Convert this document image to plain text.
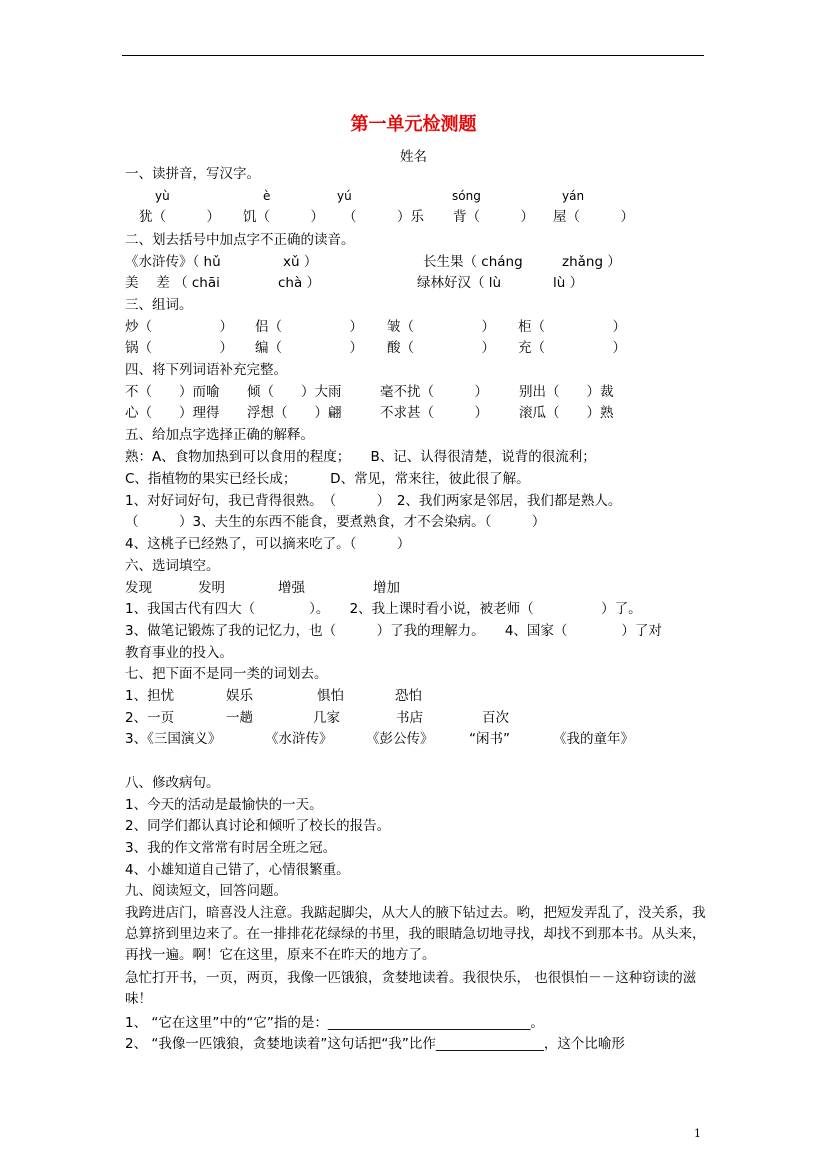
第一单元检测题
姓名
一、读拼音，写汉字。
yù	è	yú	sóng	yán
犹（　　　） 饥（　　　） （　　　）乐 背（　　　） 屋（　　　）
二、划去括号中加点字不正确的读音。
《水浒传》（ hǔ	xǔ ）	长生果（ cháng	zhǎng ）
美　 差 （ chāi	chà ）	绿林好汉（ lù	lù ）
三、组词。
炒（　　　　　） 侣（　　　　　） 皱（　　　　　） 柜（　　　　　）
锅（　　　　　） 编（　　　　　） 酸（　　　　　） 充（　　　　　）
四、将下列词语补充完整。
不（　　）而喻 倾（　　）大雨	毫不扰（　　　） 别出（　　）裁
心（　　）理得 浮想（　　）翩	不求甚（　　　） 滚瓜（　　）熟
五、给加点字选择正确的解释。
熟：A、食物加热到可以食用的程度；　　B、记、认得很清楚，说背的很流利；
C、指植物的果实已经长成；　　　D、常见，常来往，彼此很了解。
1、对好词好句，我已背得很熟。　（　　　）　2、我们两家是邻居，我们都是熟人。
（　　　）3、夫生的东西不能食，要煮熟食，才不会染病。（　　　）
4、这桃子已经熟了，可以摘来吃了。（　　　）
六、选词填空。
发现	发明	增强	增加
1、我国古代有四大（　　　　）。　　2、我上课时看小说，被老师（　　　　　）了。
3、做笔记锻炼了我的记忆力，也（　　　）了我的理解力。　　4、国家（　　　　）了对
教育事业的投入。
七、把下面不是同一类的词划去。
1、担忧	娱乐	惧怕	恐怕
2、一页	一趟	几家	书店	百次
3、《三国演义》	《水浒传》 《彭公传》	“闲书”	《我的童年》
八、修改病句。
1、今天的活动是最愉快的一天。
2、同学们都认真讨论和倾听了校长的报告。
3、我的作文常常有时居全班之冠。
4、小雄知道自己错了，心情很繁重。
九、阅读短文，回答问题。
我跨进店门，暗喜没人注意。我踮起脚尖，从大人的腋下钻过去。哟，把短发弄乱了，没关系，我总算挤到里边来了。在一排排花花绿绿的书里，我的眼睛急切地寻找，却找不到那本书。从头来，再找一遍。啊！它在这里，原来不在昨天的地方了。
急忙打开书，一页，两页，我像一匹饿狼，贪婪地读着。我很快乐， 也很惧怕－－这种窃读的滋味！
1、 “它在这里”中的“它”指的是：______________________________。
2、 “我像一匹饿狼，贪婪地读着”这句话把“我”比作________________，这个比喻形
1
